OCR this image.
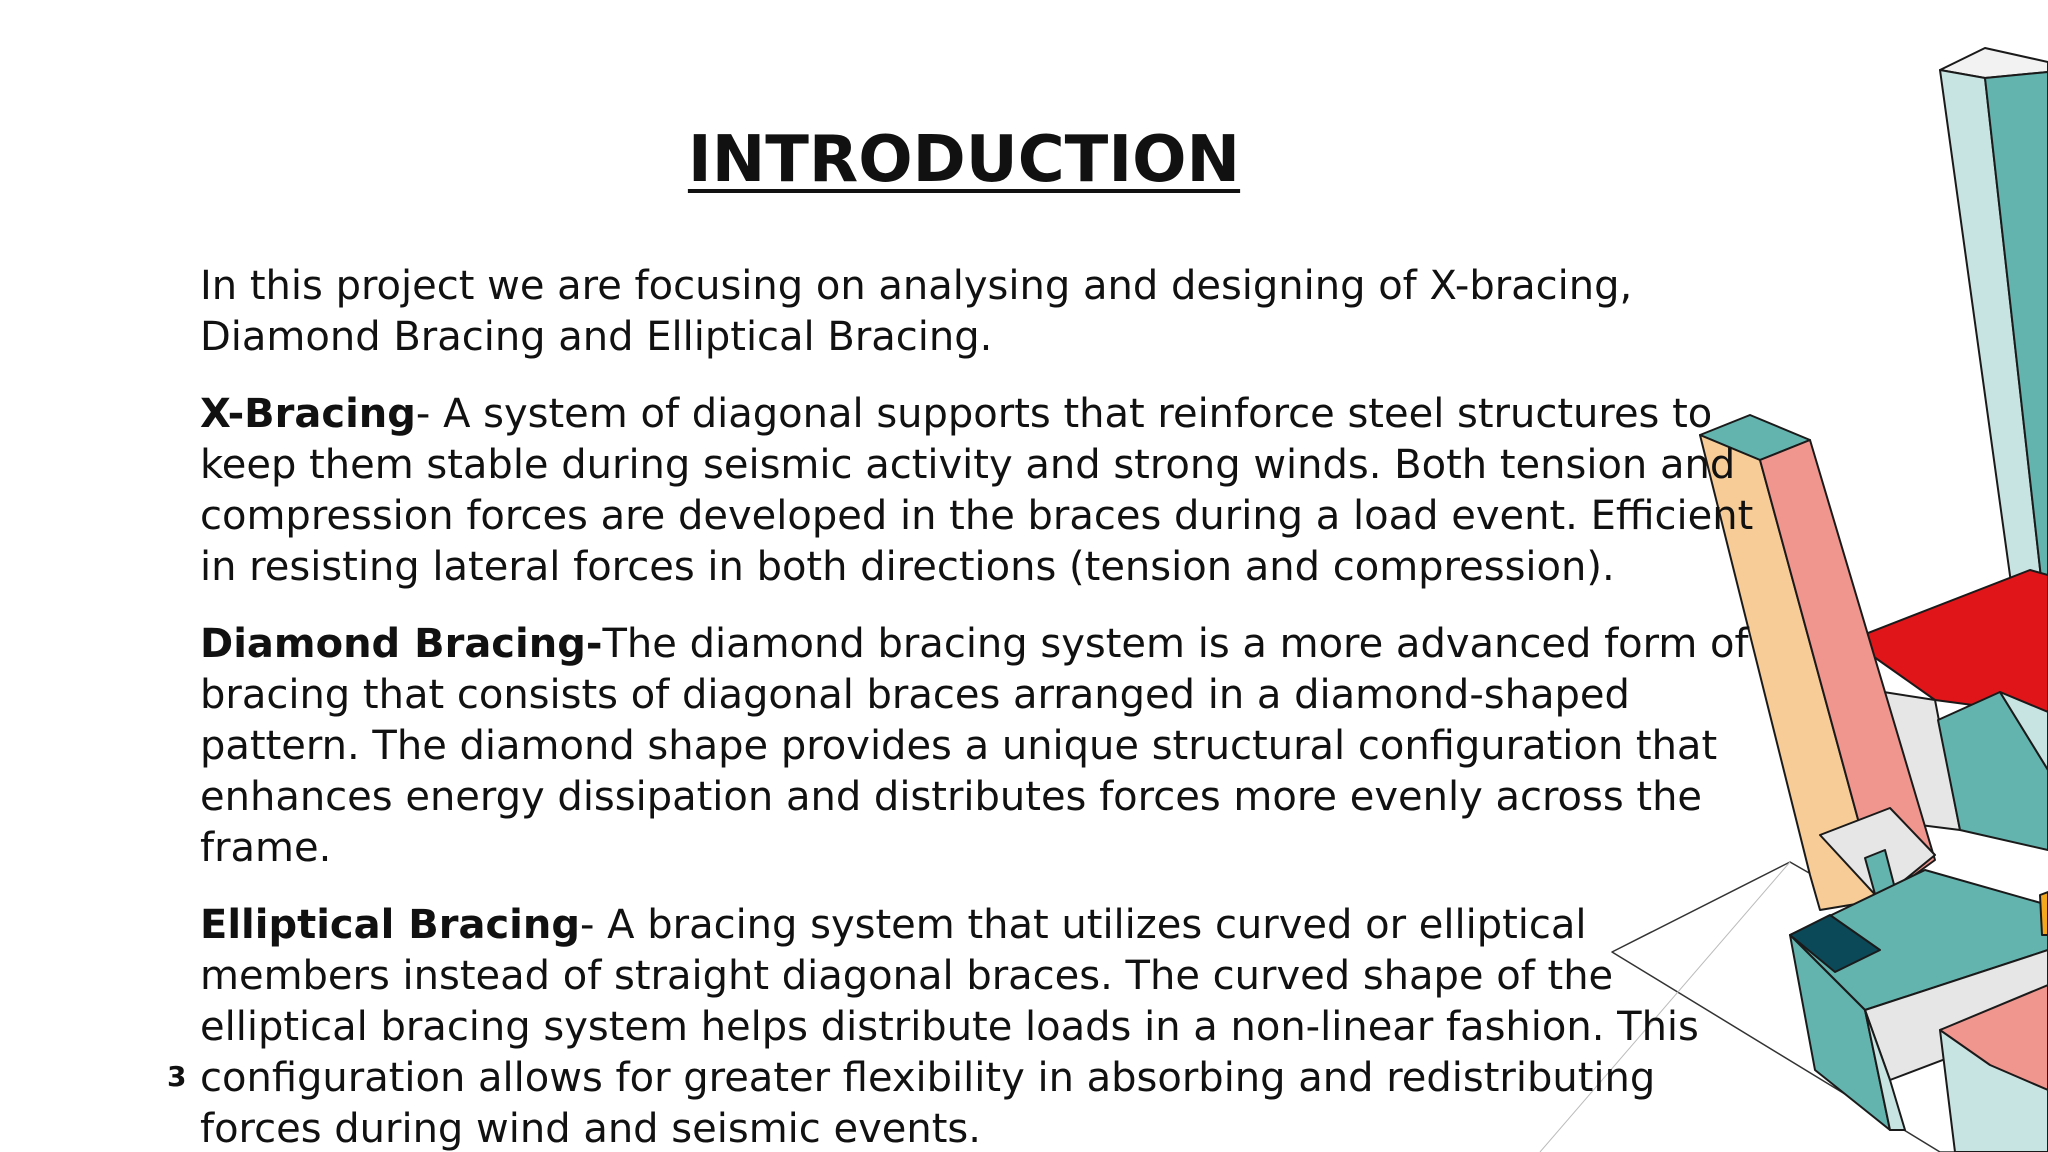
INTRODUCTION

In this project we are focusing on analysing and designing of X-bracing, Diamond Bracing and Elliptical Bracing.

X-Bracing- A system of diagonal supports that reinforce steel structures to keep them stable during seismic activity and strong winds. Both tension and compression forces are developed in the braces during a load event. Efficient in resisting lateral forces in both directions (tension and compression).

Diamond Bracing-The diamond bracing system is a more advanced form of bracing that consists of diagonal braces arranged in a diamond-shaped pattern. The diamond shape provides a unique structural configuration that enhances energy dissipation and distributes forces more evenly across the frame.

Elliptical Bracing- A bracing system that utilizes curved or elliptical members instead of straight diagonal braces. The curved shape of the elliptical bracing system helps distribute loads in a non-linear fashion. This configuration allows for greater flexibility in absorbing and redistributing forces during wind and seismic events.

3
